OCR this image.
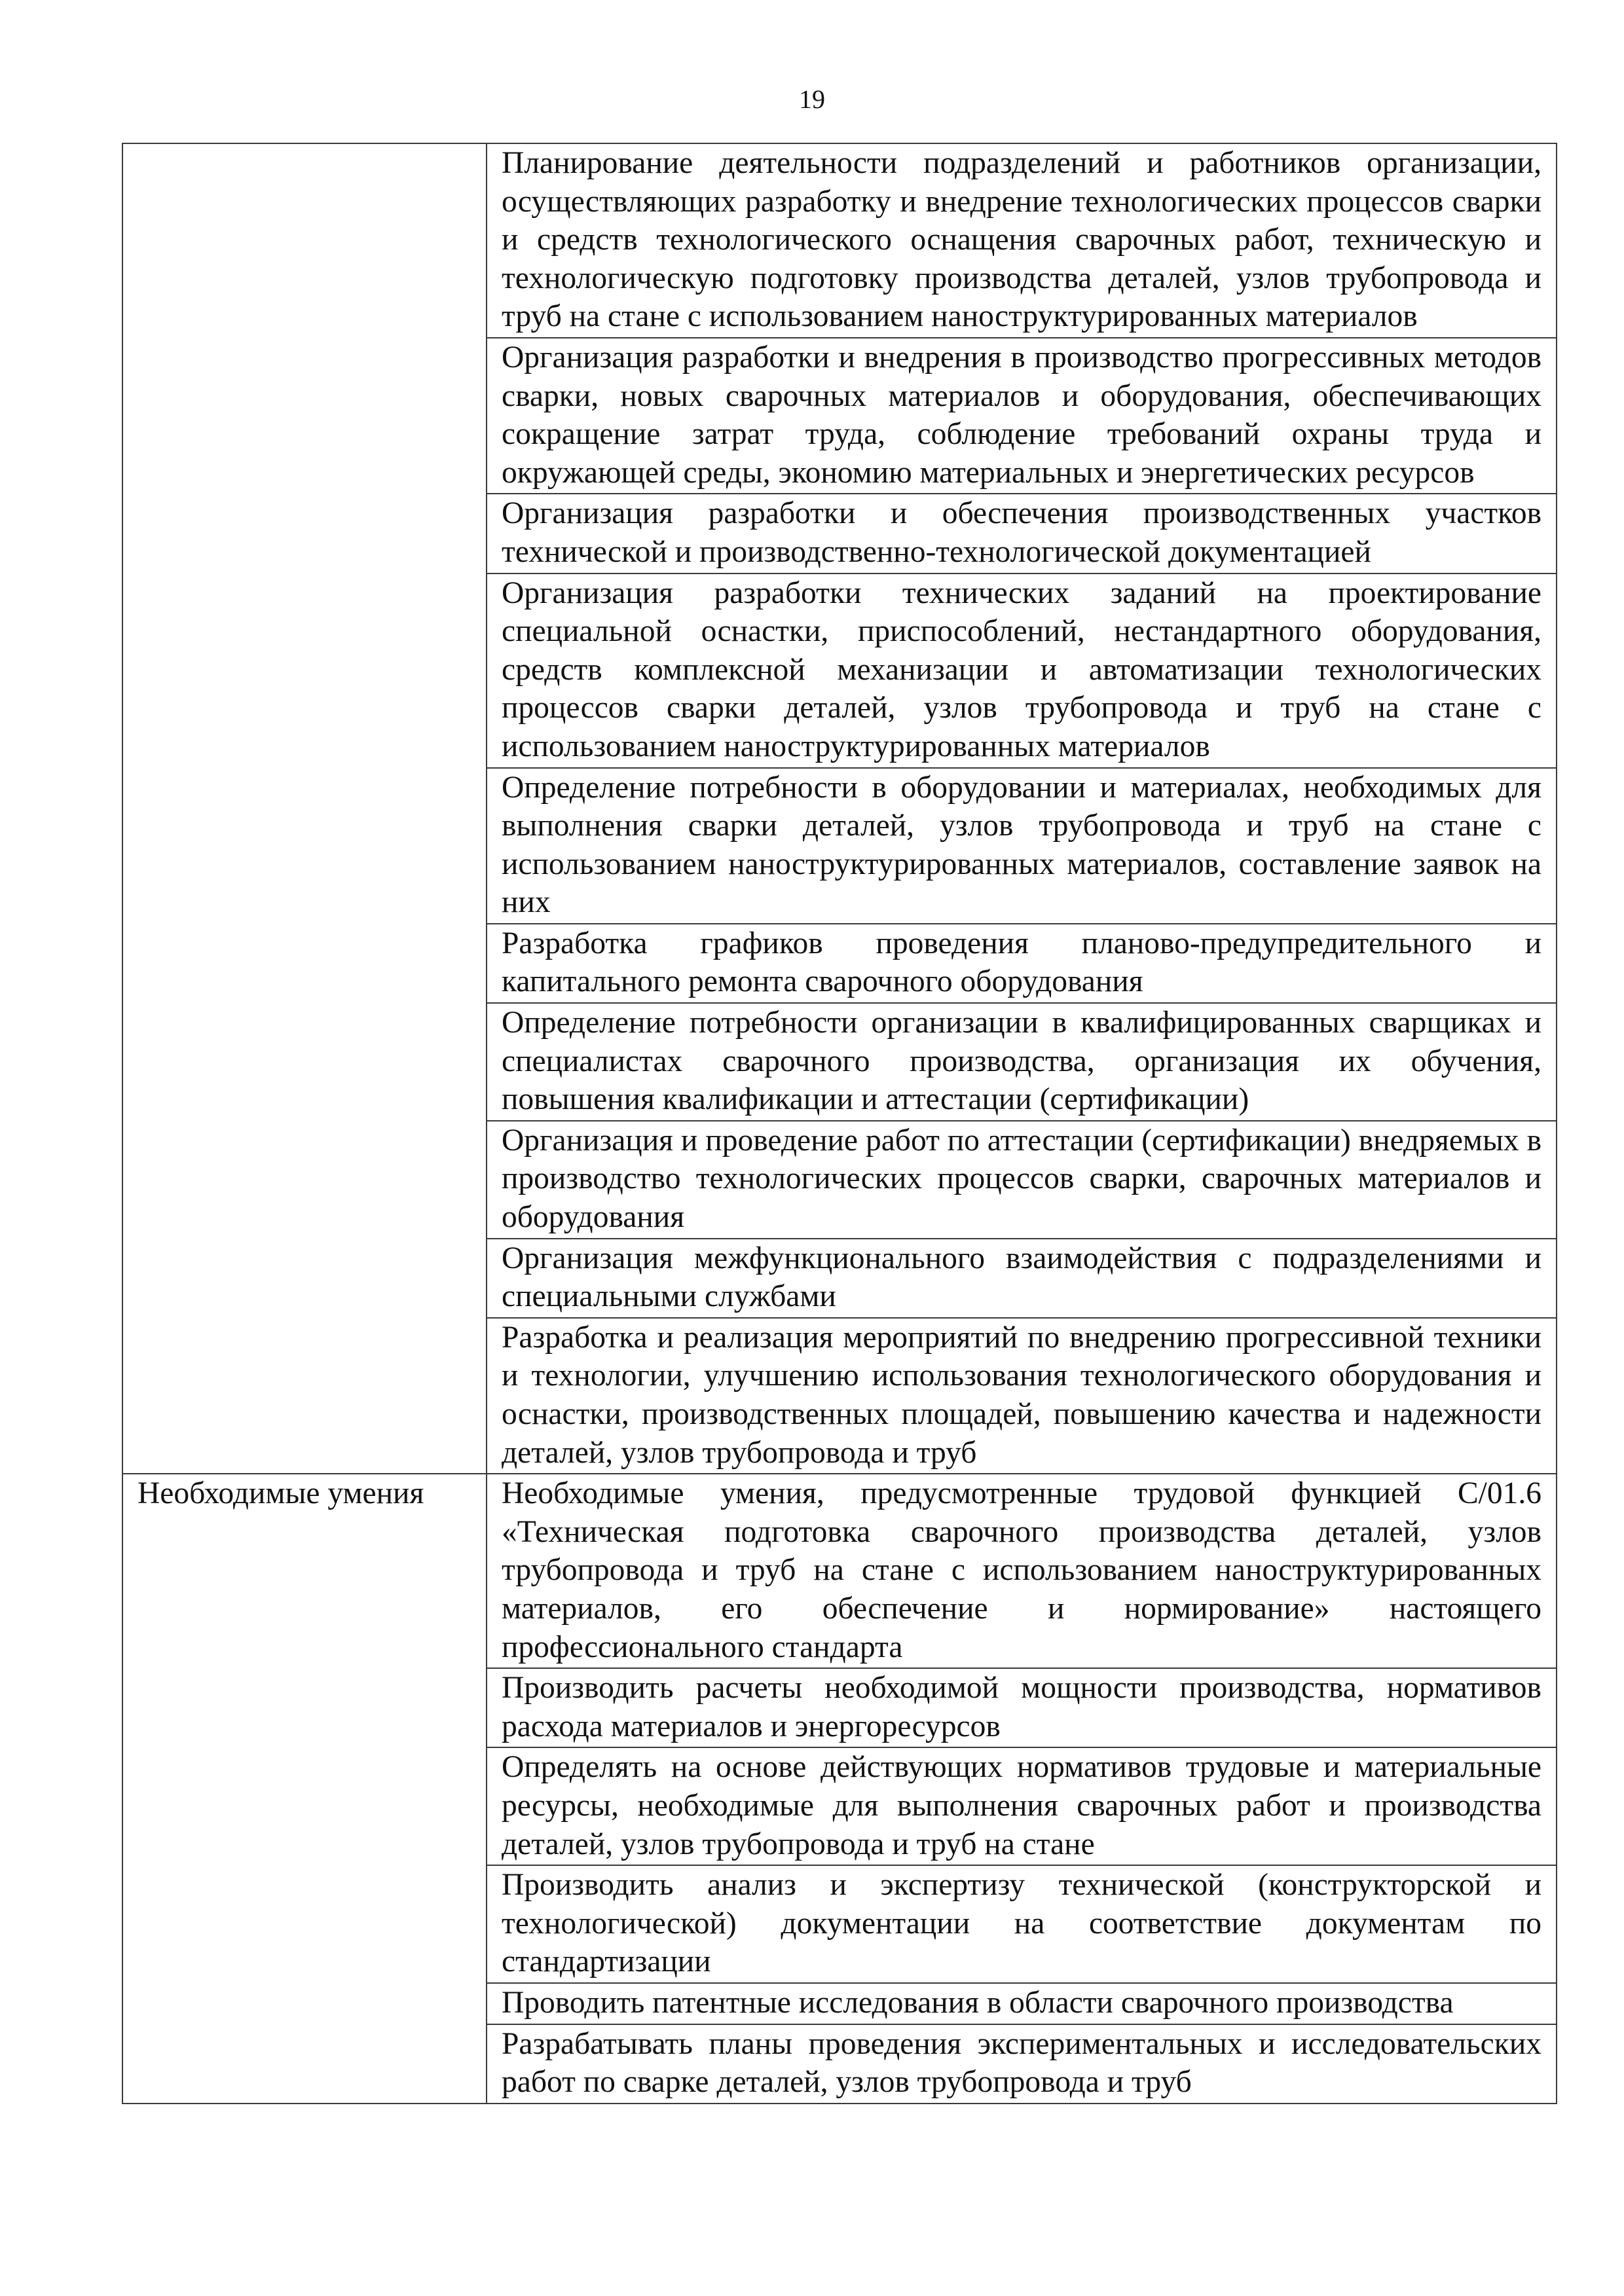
19
	Планирование деятельности подразделений и работников организации, осуществляющих разработку и внедрение технологических процессов сварки и средств технологического оснащения сварочных работ, техническую и технологическую подготовку производства деталей, узлов трубопровода и труб на стане с использованием наноструктурированных материалов
	Организация разработки и внедрения в производство прогрессивных методов сварки, новых сварочных материалов и оборудования, обеспечивающих сокращение затрат труда, соблюдение требований охраны труда и окружающей среды, экономию материальных и энергетических ресурсов
	Организация разработки и обеспечения производственных участков технической и производственно-технологической документацией
	Организация разработки технических заданий на проектирование специальной оснастки, приспособлений, нестандартного оборудования, средств комплексной механизации и автоматизации технологических процессов сварки деталей, узлов трубопровода и труб на стане с использованием наноструктурированных материалов
	Определение потребности в оборудовании и материалах, необходимых для выполнения сварки деталей, узлов трубопровода и труб на стане с использованием наноструктурированных материалов, составление заявок на них
	Разработка графиков проведения планово-предупредительного и капитального ремонта сварочного оборудования
	Определение потребности организации в квалифицированных сварщиках и специалистах сварочного производства, организация их обучения, повышения квалификации и аттестации (сертификации)
	Организация и проведение работ по аттестации (сертификации) внедряемых в производство технологических процессов сварки, сварочных материалов и оборудования
	Организация межфункционального взаимодействия с подразделениями и специальными службами
	Разработка и реализация мероприятий по внедрению прогрессивной техники и технологии, улучшению использования технологического оборудования и оснастки, производственных площадей, повышению качества и надежности деталей, узлов трубопровода и труб
Необходимые умения	Необходимые умения, предусмотренные трудовой функцией C/01.6 «Техническая подготовка сварочного производства деталей, узлов трубопровода и труб на стане с использованием наноструктурированных материалов, его обеспечение и нормирование» настоящего профессионального стандарта
	Производить расчеты необходимой мощности производства, нормативов расхода материалов и энергоресурсов
	Определять на основе действующих нормативов трудовые и материальные ресурсы, необходимые для выполнения сварочных работ и производства деталей, узлов трубопровода и труб на стане
	Производить анализ и экспертизу технической (конструкторской и технологической) документации на соответствие документам по стандартизации
	Проводить патентные исследования в области сварочного производства
	Разрабатывать планы проведения экспериментальных и исследовательских работ по сварке деталей, узлов трубопровода и труб
